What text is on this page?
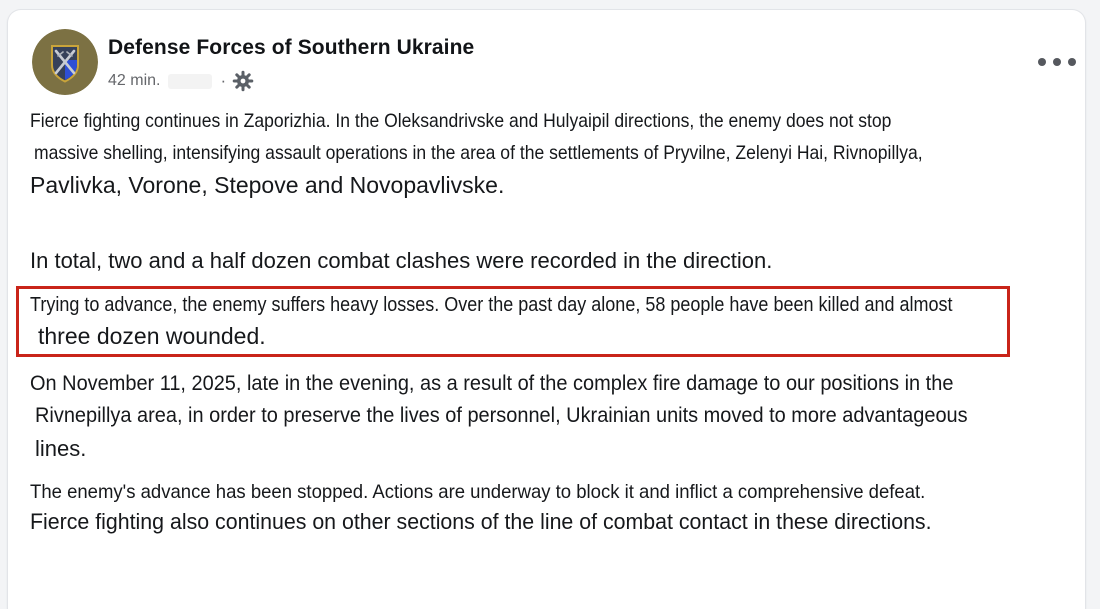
Defense Forces of Southern Ukraine
42 min.	·
Fierce fighting continues in Zaporizhia. In the Oleksandrivske and Hulyaipil directions, the enemy does not stop
massive shelling, intensifying assault operations in the area of the settlements of Pryvilne, Zelenyi Hai, Rivnopillya,
Pavlivka, Vorone, Stepove and Novopavlivske.
In total, two and a half dozen combat clashes were recorded in the direction.
Trying to advance, the enemy suffers heavy losses. Over the past day alone, 58 people have been killed and almost
three dozen wounded.
On November 11, 2025, late in the evening, as a result of the complex fire damage to our positions in the
Rivnepillya area, in order to preserve the lives of personnel, Ukrainian units moved to more advantageous
lines.
The enemy's advance has been stopped. Actions are underway to block it and inflict a comprehensive defeat.
Fierce fighting also continues on other sections of the line of combat contact in these directions.
